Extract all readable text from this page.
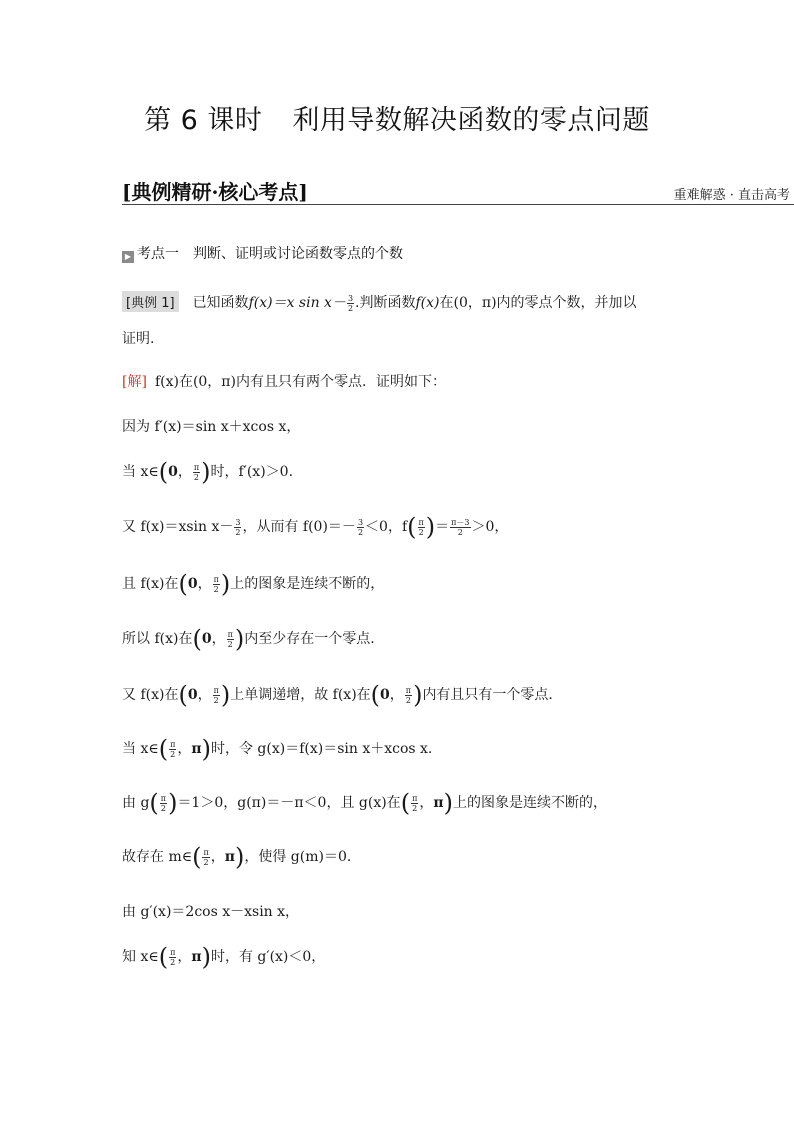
第 6 课时 利用导数解决函数的零点问题
[典例精研·核心考点]	重难解惑 · 直击高考
▶ 考点一　判断、证明或讨论函数零点的个数
[典例 1] 已知函数f(x)＝x $\sin x- \frac{3}{2}$ .判断函数f(x)在(0，π)内的零点个数，并加以
证明.
[解] f(x)在(0，π)内有且只有两个零点．证明如下：
因为 f′(x)＝sin x＋xcos x，
当 x∈(0， $\frac{\pi}{2}$ )时，f′(x)＞0.
又 f(x)＝xsin $x- \frac{3}{2}$ ，从而有 $f(0)=- \frac{3}{2} <0$，$f( \frac{\pi}{2}$ )＝ $\frac{\pi-3}{2} >0$，
且 f(x)在(0， $\frac{\pi}{2}$ )上的图象是连续不断的，
所以 f(x)在(0， $\frac{\pi}{2}$ )内至少存在一个零点.
又 f(x)在(0， $\frac{\pi}{2}$ )上单调递增，故 f(x)在(0， $\frac{\pi}{2}$ )内有且只有一个零点.
当 x∈( $\frac{\pi}{2}$ ，π)时，令 g(x)＝f(x)＝sin x＋xcos x.
由 $g( \frac{\pi}{2} )=1>0$，g(π)＝－π＜0，且 g(x)在( $\frac{\pi}{2}$ ，π)上的图象是连续不断的，
故存在 m∈( $\frac{\pi}{2}$ ，π)，使得 g(m)＝0.
由 g′(x)＝2cos x－xsin x，
知 x∈( $\frac{\pi}{2}$ ，π)时，有 g′(x)＜0，
